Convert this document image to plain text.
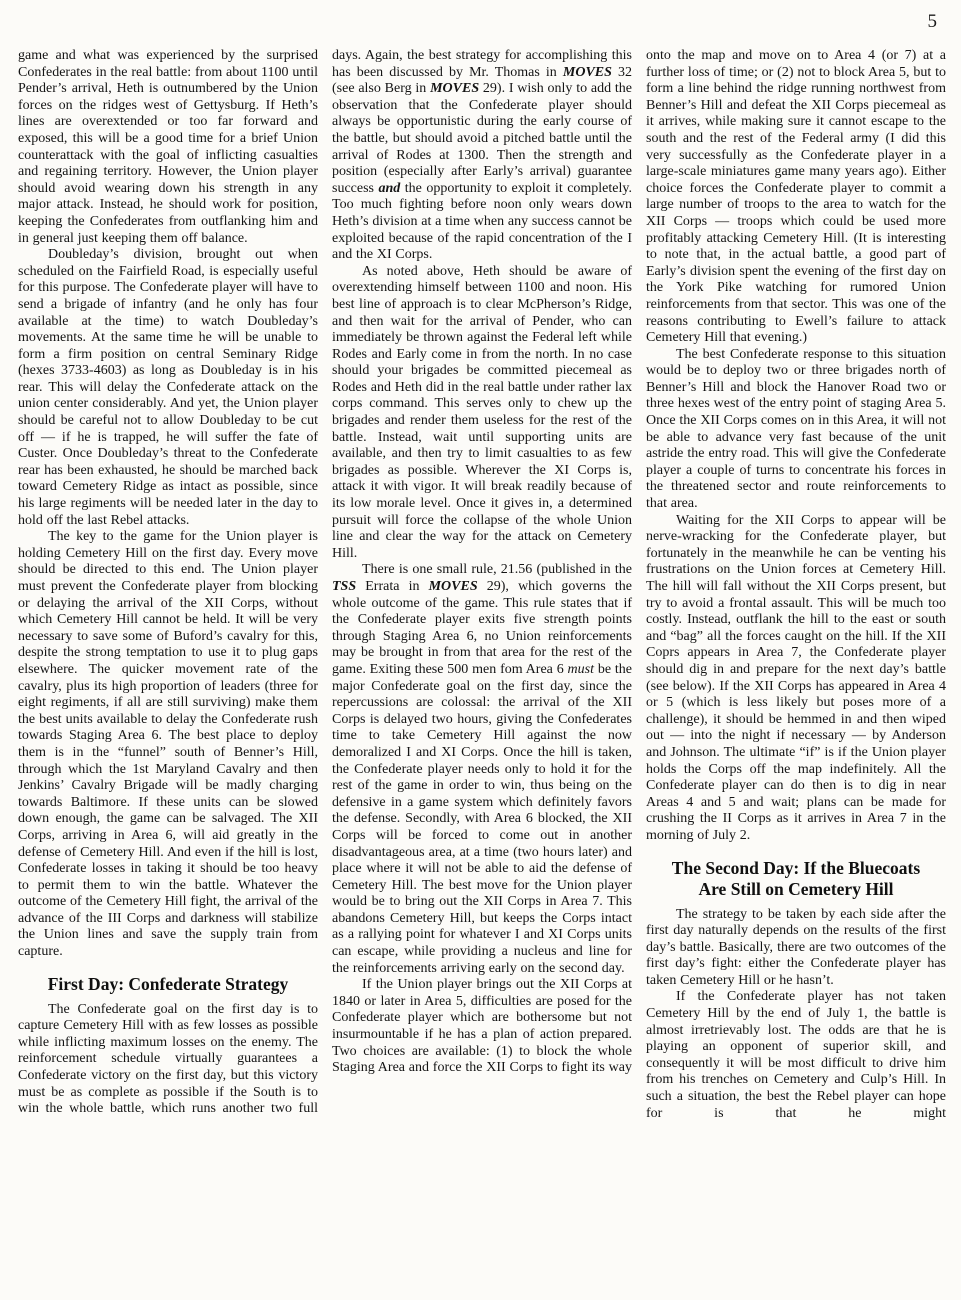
5

game and what was experienced by the surprised Confederates in the real battle: from about 1100 until Pender’s arrival, Heth is outnumbered by the Union forces on the ridges west of Gettysburg. If Heth’s lines are overextended or too far forward and exposed, this will be a good time for a brief Union counterattack with the goal of inflicting casualties and regaining territory. However, the Union player should avoid wearing down his strength in any major attack. Instead, he should work for position, keeping the Confederates from outflanking him and in general just keeping them off balance.

Doubleday’s division, brought out when scheduled on the Fairfield Road, is especially useful for this purpose. The Confederate player will have to send a brigade of infantry (and he only has four available at the time) to watch Doubleday’s movements. At the same time he will be unable to form a firm position on central Seminary Ridge (hexes 3733-4603) as long as Doubleday is in his rear. This will delay the Confederate attack on the union center considerably. And yet, the Union player should be careful not to allow Doubleday to be cut off — if he is trapped, he will suffer the fate of Custer. Once Doubleday’s threat to the Confederate rear has been exhausted, he should be marched back toward Cemetery Ridge as intact as possible, since his large regiments will be needed later in the day to hold off the last Rebel attacks.

The key to the game for the Union player is holding Cemetery Hill on the first day. Every move should be directed to this end. The Union player must prevent the Confederate player from blocking or delaying the arrival of the XII Corps, without which Cemetery Hill cannot be held. It will be very necessary to save some of Buford’s cavalry for this, despite the strong temptation to use it to plug gaps elsewhere. The quicker movement rate of the cavalry, plus its high proportion of leaders (three for eight regiments, if all are still surviving) make them the best units available to delay the Confederate rush towards Staging Area 6. The best place to deploy them is in the “funnel” south of Benner’s Hill, through which the 1st Maryland Cavalry and then Jenkins’ Cavalry Brigade will be madly charging towards Baltimore. If these units can be slowed down enough, the game can be salvaged. The XII Corps, arriving in Area 6, will aid greatly in the defense of Cemetery Hill. And even if the hill is lost, Confederate losses in taking it should be too heavy to permit them to win the battle. Whatever the outcome of the Cemetery Hill fight, the arrival of the advance of the III Corps and darkness will stabilize the Union lines and save the supply train from capture.

First Day: Confederate Strategy

The Confederate goal on the first day is to capture Cemetery Hill with as few losses as possible while inflicting maximum losses on the enemy. The reinforcement schedule virtually guarantees a Confederate victory on the first day, but this victory must be as complete as possible if the South is to win the whole battle, which runs another two full

days. Again, the best strategy for accomplishing this has been discussed by Mr. Thomas in MOVES 32 (see also Berg in MOVES 29). I wish only to add the observation that the Confederate player should always be opportunistic during the early course of the battle, but should avoid a pitched battle until the arrival of Rodes at 1300. Then the strength and position (especially after Early’s arrival) guarantee success and the opportunity to exploit it completely. Too much fighting before noon only wears down Heth’s division at a time when any success cannot be exploited because of the rapid concentration of the I and the XI Corps.

As noted above, Heth should be aware of overextending himself between 1100 and noon. His best line of approach is to clear McPherson’s Ridge, and then wait for the arrival of Pender, who can immediately be thrown against the Federal left while Rodes and Early come in from the north. In no case should your brigades be committed piecemeal as Rodes and Heth did in the real battle under rather lax corps command. This serves only to chew up the brigades and render them useless for the rest of the battle. Instead, wait until supporting units are available, and then try to limit casualties to as few brigades as possible. Wherever the XI Corps is, attack it with vigor. It will break readily because of its low morale level. Once it gives in, a determined pursuit will force the collapse of the whole Union line and clear the way for the attack on Cemetery Hill.

There is one small rule, 21.56 (published in the TSS Errata in MOVES 29), which governs the whole outcome of the game. This rule states that if the Confederate player exits five strength points through Staging Area 6, no Union reinforcements may be brought in from that area for the rest of the game. Exiting these 500 men fom Area 6 must be the major Confederate goal on the first day, since the repercussions are colossal: the arrival of the XII Corps is delayed two hours, giving the Confederates time to take Cemetery Hill against the now demoralized I and XI Corps. Once the hill is taken, the Confederate player needs only to hold it for the rest of the game in order to win, thus being on the defensive in a game system which definitely favors the defense. Secondly, with Area 6 blocked, the XII Corps will be forced to come out in another disadvantageous area, at a time (two hours later) and place where it will not be able to aid the defense of Cemetery Hill. The best move for the Union player would be to bring out the XII Corps in Area 7. This abandons Cemetery Hill, but keeps the Corps intact as a rallying point for whatever I and XI Corps units can escape, while providing a nucleus and line for the reinforcements arriving early on the second day.

If the Union player brings out the XII Corps at 1840 or later in Area 5, difficulties are posed for the Confederate player which are bothersome but not insurmountable if he has a plan of action prepared. Two choices are available: (1) to block the whole Staging Area and force the XII Corps to fight its way

onto the map and move on to Area 4 (or 7) at a further loss of time; or (2) not to block Area 5, but to form a line behind the ridge running northwest from Benner’s Hill and defeat the XII Corps piecemeal as it arrives, while making sure it cannot escape to the south and the rest of the Federal army (I did this very successfully as the Confederate player in a large-scale miniatures game many years ago). Either choice forces the Confederate player to commit a large number of troops to the area to watch for the XII Corps — troops which could be used more profitably attacking Cemetery Hill. (It is interesting to note that, in the actual battle, a good part of Early’s division spent the evening of the first day on the York Pike watching for rumored Union reinforcements from that sector. This was one of the reasons contributing to Ewell’s failure to attack Cemetery Hill that evening.)

The best Confederate response to this situation would be to deploy two or three brigades north of Benner’s Hill and block the Hanover Road two or three hexes west of the entry point of staging Area 5. Once the XII Corps comes on in this Area, it will not be able to advance very fast because of the unit astride the entry road. This will give the Confederate player a couple of turns to concentrate his forces in the threatened sector and route reinforcements to that area.

Waiting for the XII Corps to appear will be nerve-wracking for the Confederate player, but fortunately in the meanwhile he can be venting his frustrations on the Union forces at Cemetery Hill. The hill will fall without the XII Corps present, but try to avoid a frontal assault. This will be much too costly. Instead, outflank the hill to the east or south and “bag” all the forces caught on the hill. If the XII Coprs appears in Area 7, the Confederate player should dig in and prepare for the next day’s battle (see below). If the XII Corps has appeared in Area 4 or 5 (which is less likely but poses more of a challenge), it should be hemmed in and then wiped out — into the night if necessary — by Anderson and Johnson. The ultimate “if” is if the Union player holds the Corps off the map indefinitely. All the Confederate player can do then is to dig in near Areas 4 and 5 and wait; plans can be made for crushing the II Corps as it arrives in Area 7 in the morning of July 2.

The Second Day: If the Bluecoats
Are Still on Cemetery Hill

The strategy to be taken by each side after the first day naturally depends on the results of the first day’s battle. Basically, there are two outcomes of the first day’s fight: either the Confederate player has taken Cemetery Hill or he hasn’t.

If the Confederate player has not taken Cemetery Hill by the end of July 1, the battle is almost irretrievably lost. The odds are that he is playing an opponent of superior skill, and consequently it will be most difficult to drive him from his trenches on Cemetery and Culp’s Hill. In such a situation, the best the Rebel player can hope for is that he might
